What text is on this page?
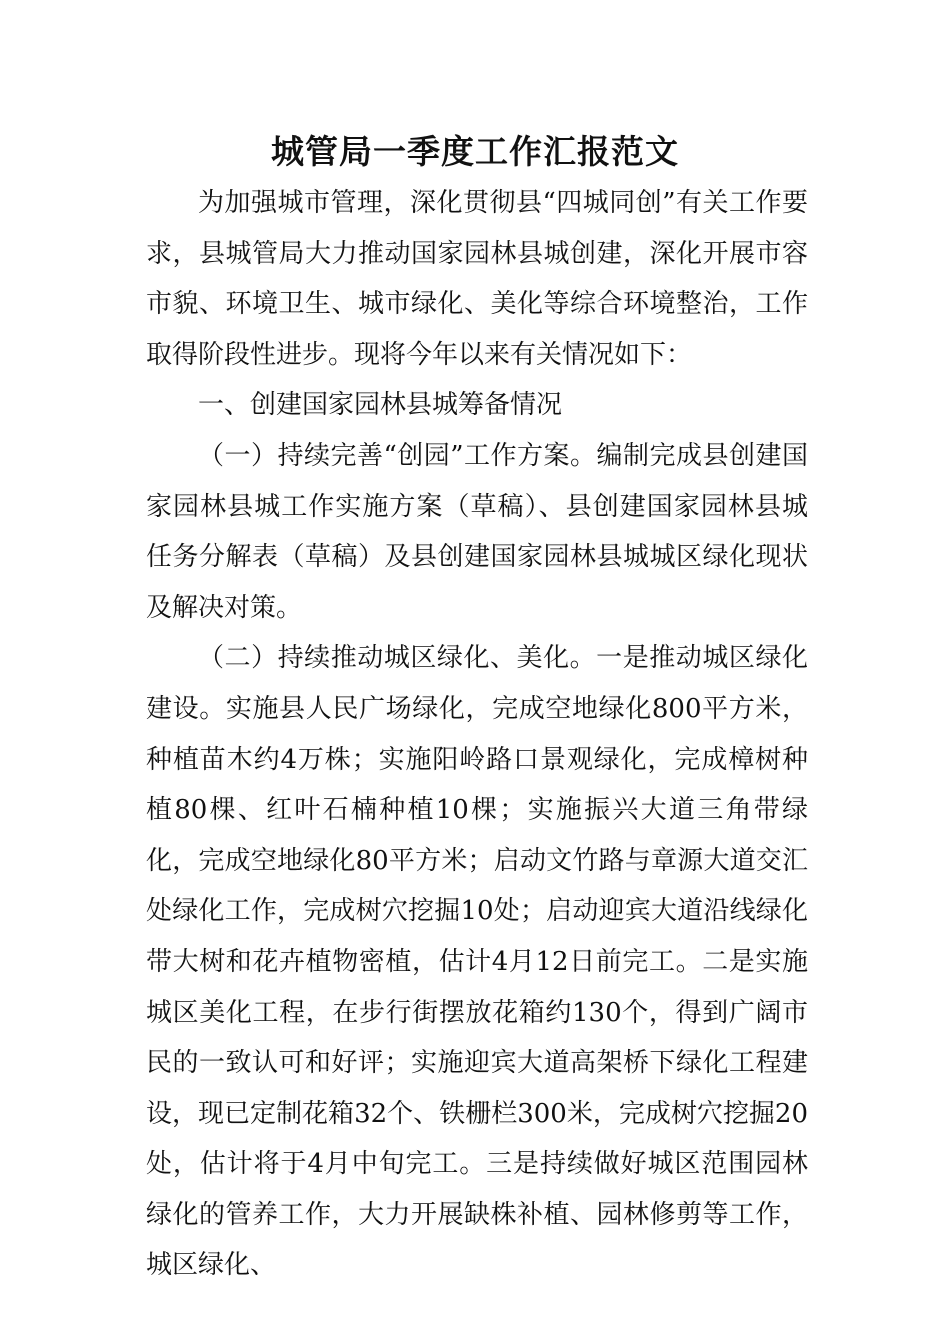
城管局一季度工作汇报范文

为加强城市管理，深化贯彻县“四城同创”有关工作要求，县城管局大力推动国家园林县城创建，深化开展市容市貌、环境卫生、城市绿化、美化等综合环境整治，工作取得阶段性进步。现将今年以来有关情况如下：

一、创建国家园林县城筹备情况

（一）持续完善“创园”工作方案。编制完成县创建国家园林县城工作实施方案（草稿）、县创建国家园林县城任务分解表（草稿）及县创建国家园林县城城区绿化现状及解决对策。

（二）持续推动城区绿化、美化。一是推动城区绿化建设。实施县人民广场绿化，完成空地绿化800平方米，种植苗木约4万株；实施阳岭路口景观绿化，完成樟树种植80棵、红叶石楠种植10棵；实施振兴大道三角带绿化，完成空地绿化80平方米；启动文竹路与章源大道交汇处绿化工作，完成树穴挖掘10处；启动迎宾大道沿线绿化带大树和花卉植物密植，估计4月12日前完工。二是实施城区美化工程，在步行街摆放花箱约130个，得到广阔市民的一致认可和好评；实施迎宾大道高架桥下绿化工程建设，现已定制花箱32个、铁栅栏300米，完成树穴挖掘20处，估计将于4月中旬完工。三是持续做好城区范围园林绿化的管养工作，大力开展缺株补植、园林修剪等工作，城区绿化、
